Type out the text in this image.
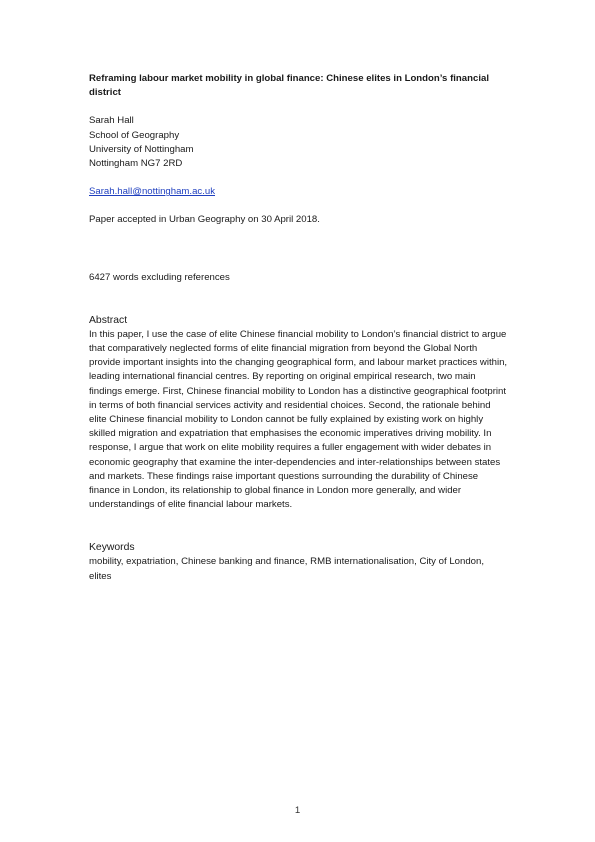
Reframing labour market mobility in global finance: Chinese elites in London’s financial district

Sarah Hall
School of Geography
University of Nottingham
Nottingham NG7 2RD
Sarah.hall@nottingham.ac.uk
Paper accepted in Urban Geography on 30 April 2018.
6427 words excluding references
Abstract

In this paper, I use the case of elite Chinese financial mobility to London’s financial district to argue that comparatively neglected forms of elite financial migration from beyond the Global North provide important insights into the changing geographical form, and labour market practices within, leading international financial centres. By reporting on original empirical research, two main findings emerge. First, Chinese financial mobility to London has a distinctive geographical footprint in terms of both financial services activity and residential choices. Second, the rationale behind elite Chinese financial mobility to London cannot be fully explained by existing work on highly skilled migration and expatriation that emphasises the economic imperatives driving mobility. In response, I argue that work on elite mobility requires a fuller engagement with wider debates in economic geography that examine the inter-dependencies and inter-relationships between states and markets. These findings raise important questions surrounding the durability of Chinese finance in London, its relationship to global finance in London more generally, and wider understandings of elite financial labour markets.

Keywords

mobility, expatriation, Chinese banking and finance, RMB internationalisation, City of London, elites

1
